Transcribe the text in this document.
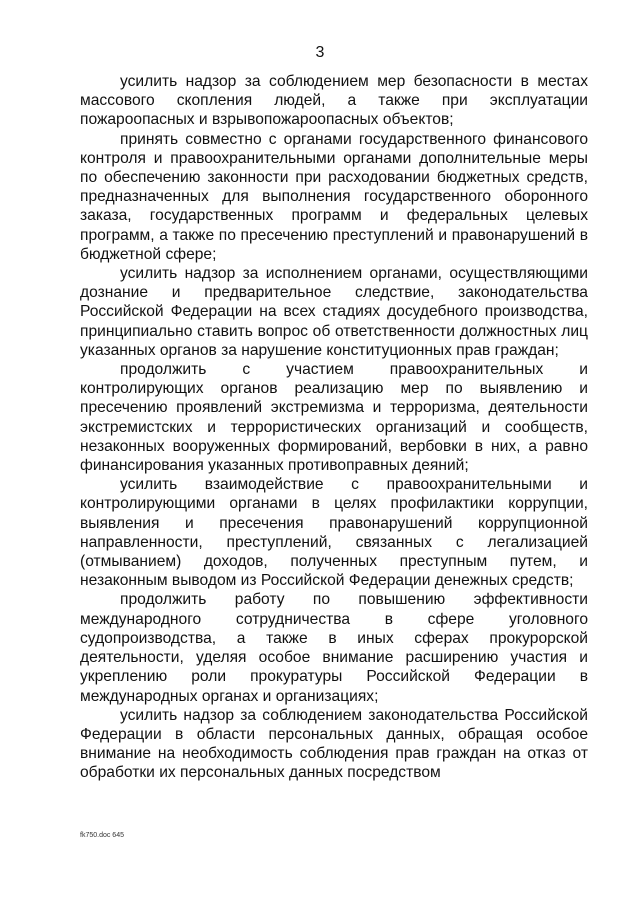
3

усилить надзор за соблюдением мер безопасности в местах массового скопления людей, а также при эксплуатации пожароопасных и взрывопожароопасных объектов;

принять совместно с органами государственного финансового контроля и правоохранительными органами дополнительные меры по обеспечению законности при расходовании бюджетных средств, предназначенных для выполнения государственного оборонного заказа, государственных программ и федеральных целевых программ, а также по пресечению преступлений и правонарушений в бюджетной сфере;

усилить надзор за исполнением органами, осуществляющими дознание и предварительное следствие, законодательства Российской Федерации на всех стадиях досудебного производства, принципиально ставить вопрос об ответственности должностных лиц указанных органов за нарушение конституционных прав граждан;

продолжить с участием правоохранительных и контролирующих органов реализацию мер по выявлению и пресечению проявлений экстремизма и терроризма, деятельности экстремистских и террористических организаций и сообществ, незаконных вооруженных формирований, вербовки в них, а равно финансирования указанных противоправных деяний;

усилить взаимодействие с правоохранительными и контролирующими органами в целях профилактики коррупции, выявления и пресечения правонарушений коррупционной направленности, преступлений, связанных с легализацией (отмыванием) доходов, полученных преступным путем, и незаконным выводом из Российской Федерации денежных средств;

продолжить работу по повышению эффективности международного сотрудничества в сфере уголовного судопроизводства, а также в иных сферах прокурорской деятельности, уделяя особое внимание расширению участия и укреплению роли прокуратуры Российской Федерации в международных органах и организациях;

усилить надзор за соблюдением законодательства Российской Федерации в области персональных данных, обращая особое внимание на необходимость соблюдения прав граждан на отказ от обработки их персональных данных посредством

fk750.doc 645
